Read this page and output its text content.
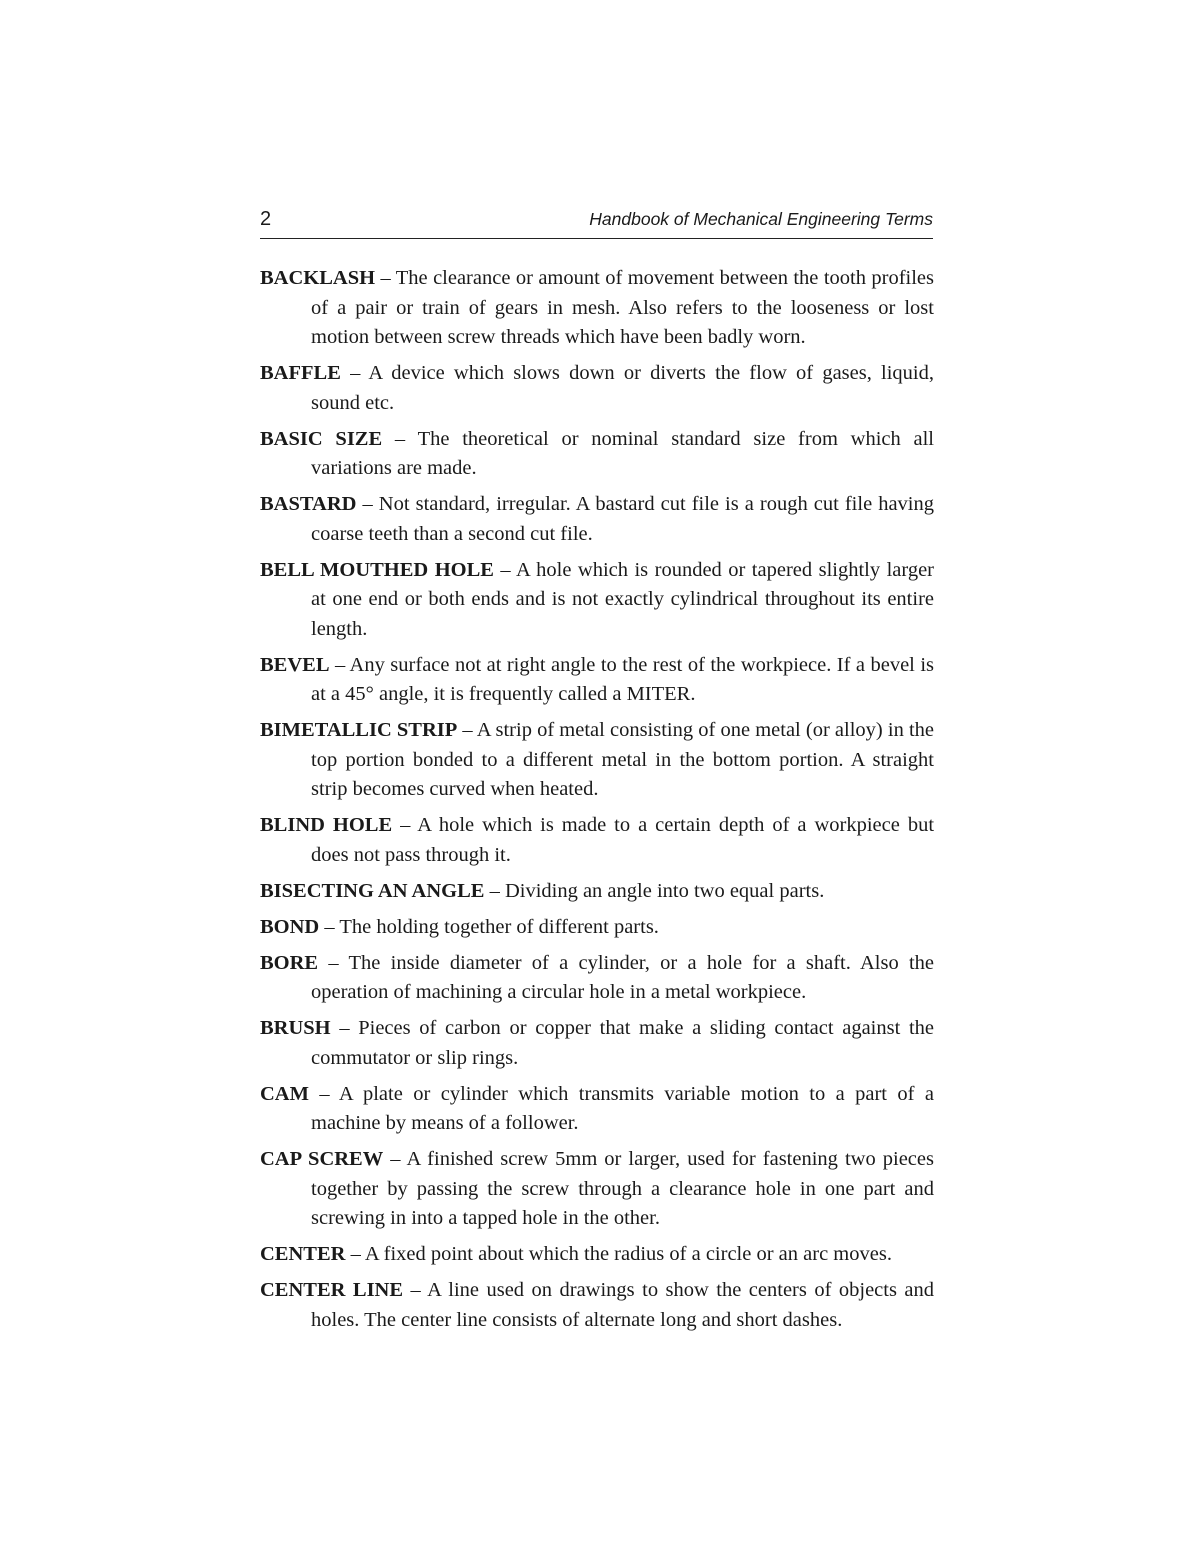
2	Handbook of Mechanical Engineering Terms

BACKLASH – The clearance or amount of movement between the tooth profiles of a pair or train of gears in mesh. Also refers to the looseness or lost motion between screw threads which have been badly worn.

BAFFLE – A device which slows down or diverts the flow of gases, liquid, sound etc.

BASIC SIZE – The theoretical or nominal standard size from which all variations are made.

BASTARD – Not standard, irregular. A bastard cut file is a rough cut file having coarse teeth than a second cut file.

BELL MOUTHED HOLE – A hole which is rounded or tapered slightly larger at one end or both ends and is not exactly cylindrical throughout its entire length.

BEVEL – Any surface not at right angle to the rest of the workpiece. If a bevel is at a 45° angle, it is frequently called a MITER.

BIMETALLIC STRIP – A strip of metal consisting of one metal (or alloy) in the top portion bonded to a different metal in the bottom portion. A straight strip becomes curved when heated.

BLIND HOLE – A hole which is made to a certain depth of a workpiece but does not pass through it.

BISECTING AN ANGLE – Dividing an angle into two equal parts.

BOND – The holding together of different parts.

BORE – The inside diameter of a cylinder, or a hole for a shaft. Also the operation of machining a circular hole in a metal workpiece.

BRUSH – Pieces of carbon or copper that make a sliding contact against the commutator or slip rings.

CAM – A plate or cylinder which transmits variable motion to a part of a machine by means of a follower.

CAP SCREW – A finished screw 5mm or larger, used for fastening two pieces together by passing the screw through a clearance hole in one part and screwing in into a tapped hole in the other.

CENTER – A fixed point about which the radius of a circle or an arc moves.

CENTER LINE – A line used on drawings to show the centers of objects and holes. The center line consists of alternate long and short dashes.
